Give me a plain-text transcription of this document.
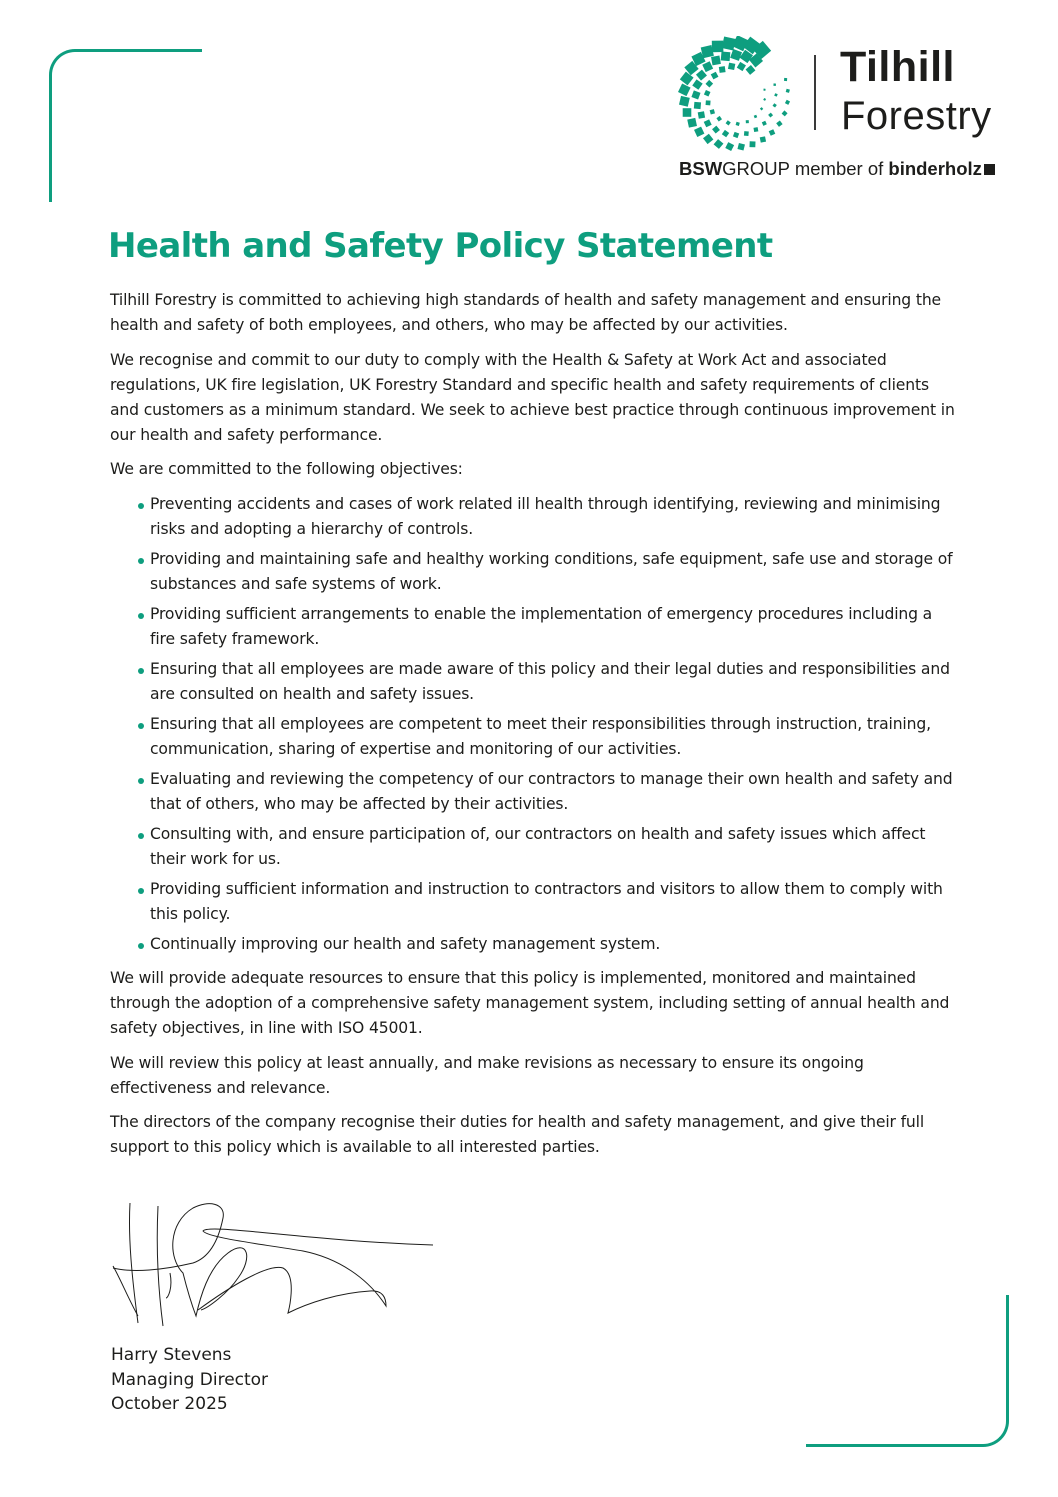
Tilhill
Forestry
BSWGROUP member of binderholz
Health and Safety Policy Statement

Tilhill Forestry is committed to achieving high standards of health and safety management and ensuring the health and safety of both employees, and others, who may be affected by our activities.

We recognise and commit to our duty to comply with the Health & Safety at Work Act and associated regulations, UK fire legislation, UK Forestry Standard and specific health and safety requirements of clients and customers as a minimum standard. We seek to achieve best practice through continuous improvement in our health and safety performance.

We are committed to the following objectives:

Preventing accidents and cases of work related ill health through identifying, reviewing and minimising risks and adopting a hierarchy of controls.
Providing and maintaining safe and healthy working conditions, safe equipment, safe use and storage of substances and safe systems of work.
Providing sufficient arrangements to enable the implementation of emergency procedures including a fire safety framework.
Ensuring that all employees are made aware of this policy and their legal duties and responsibilities and are consulted on health and safety issues.
Ensuring that all employees are competent to meet their responsibilities through instruction, training, communication, sharing of expertise and monitoring of our activities.
Evaluating and reviewing the competency of our contractors to manage their own health and safety and that of others, who may be affected by their activities.
Consulting with, and ensure participation of, our contractors on health and safety issues which affect their work for us.
Providing sufficient information and instruction to contractors and visitors to allow them to comply with this policy.
Continually improving our health and safety management system.

We will provide adequate resources to ensure that this policy is implemented, monitored and maintained through the adoption of a comprehensive safety management system, including setting of annual health and safety objectives, in line with ISO 45001.

We will review this policy at least annually, and make revisions as necessary to ensure its ongoing effectiveness and relevance.

The directors of the company recognise their duties for health and safety management, and give their full support to this policy which is available to all interested parties.

Harry Stevens
Managing Director
October 2025
